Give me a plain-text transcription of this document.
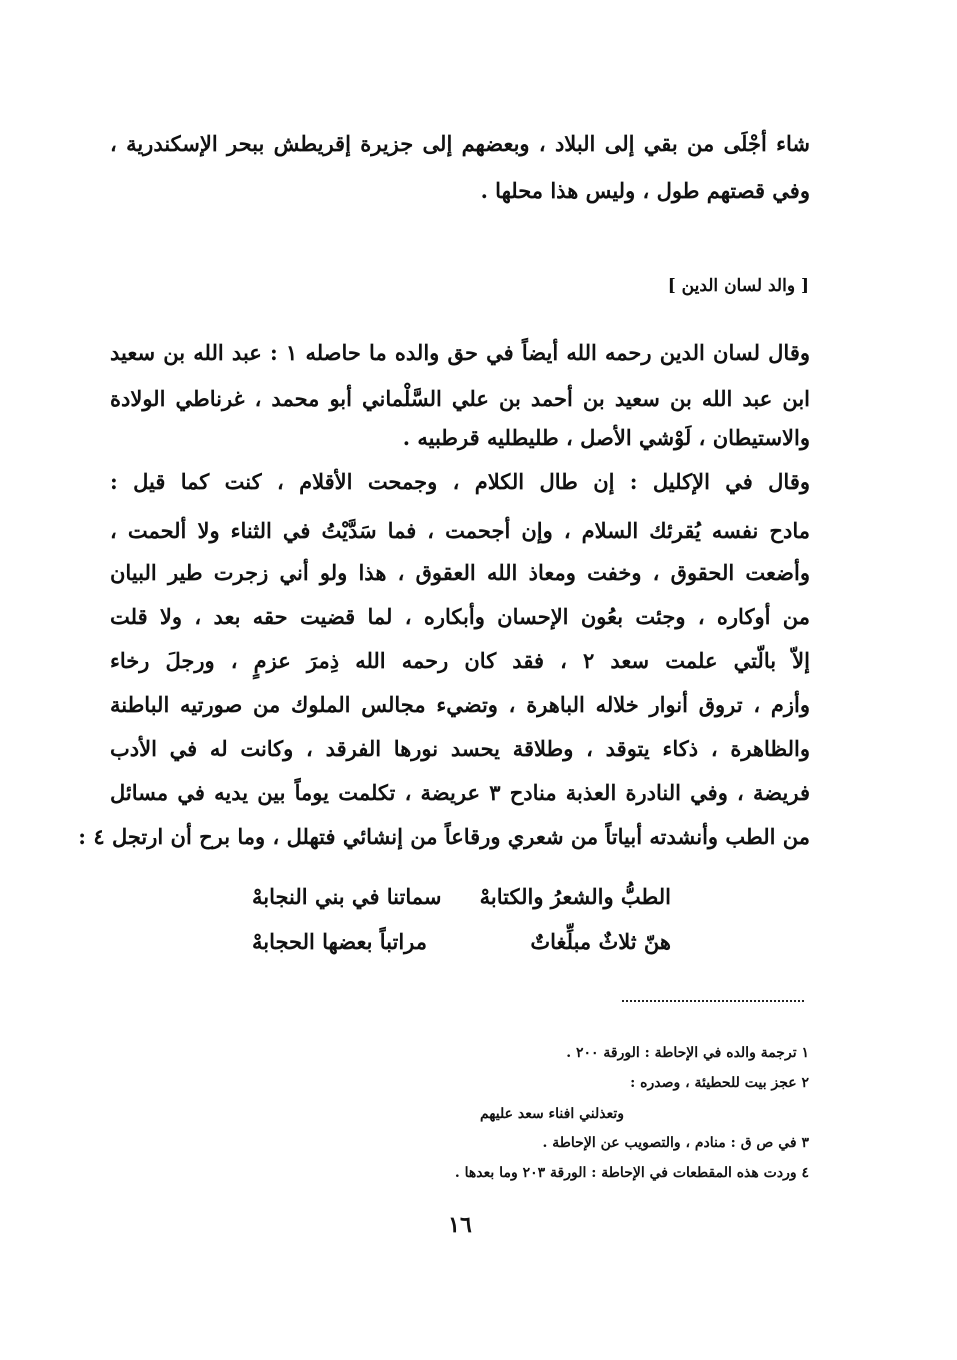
شاء أجْلَى من بقي إلى البلاد ، وبعضهم إلى جزيرة إقريطش ببحر الإسكندرية ،
وفي قصتهم طول ، وليس هذا محلها .
[ والد لسان الدين ]
وقال لسان الدين رحمه الله أيضاً في حق والده ما حاصله ١ : عبد الله بن سعيد
ابن عبد الله بن سعيد بن أحمد بن علي السَّلْماني أبو محمد ، غرناطي الولادة
والاستيطان ، لَوْشي الأصل ، طليطليه قرطبيه .
وقال في الإكليل : إن طال الكلام ، وجمحت الأقلام ، كنت كما قيل :
مادح نفسه يُقرئك السلام ، وإن أجحمت ، فما سَدَّيْتُ في الثناء ولا ألحمت ،
وأضعت الحقوق ، وخفت ومعاذ الله العقوق ، هذا ولو أني زجرت طير البيان
من أوكاره ، وجئت بعُون الإحسان وأبكاره ، لما قضيت حقه بعد ، ولا قلت
إلاّ بالّتي علمت سعد ٢ ، فقد كان رحمه الله ذِمرَ عزمٍ ، ورجلَ رخاء
وأزم ، تروق أنوار خلاله الباهرة ، وتضيء مجالس الملوك من صورتيه الباطنة
والظاهرة ، ذكاء يتوقد ، وطلاقة يحسد نورها الفرقد ، وكانت له في الأدب
فريضة ، وفي النادرة العذبة منادح ٣ عريضة ، تكلمت يوماً بين يديه في مسائل
من الطب وأنشدته أبياتاً من شعري ورقاعاً من إنشائي فتهلل ، وما برح أن ارتجل ٤ :
الطبُّ والشعرُ والكتابهْ
سماتنا في بني النجابهْ
هنّ ثلاثٌ مبلِّغاتٌ
مراتباً بعضها الحجابهْ
١ ترجمة والده في الإحاطة : الورقة ٢٠٠ .
٢ عجز بيت للحطيئة ، وصدره :
وتعذلني افناء سعد عليهم
٣ في ص ق : منادم ، والتصويب عن الإحاطة .
٤ وردت هذه المقطعات في الإحاطة : الورقة ٢٠٣ وما بعدها .
١٦
